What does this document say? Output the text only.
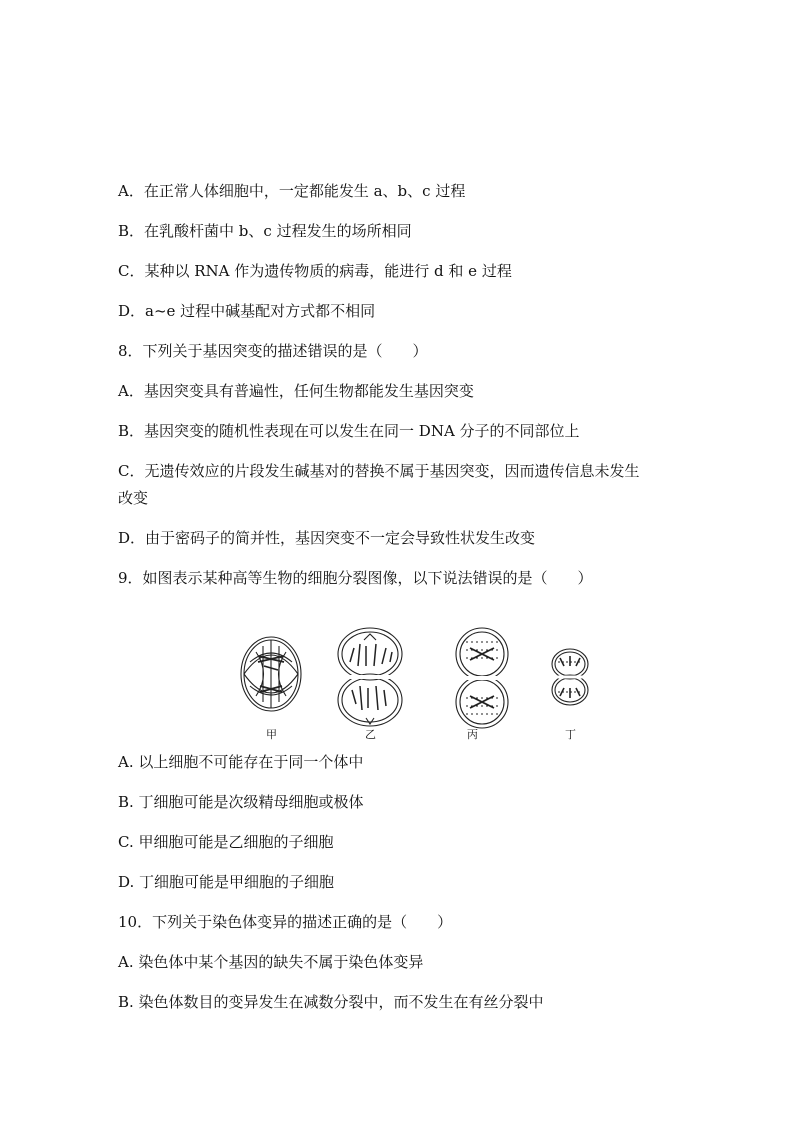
A．在正常人体细胞中，一定都能发生 a、b、c 过程
B．在乳酸杆菌中 b、c 过程发生的场所相同
C．某种以 RNA 作为遗传物质的病毒，能进行 d 和 e 过程
D．a~e 过程中碱基配对方式都不相同
8．下列关于基因突变的描述错误的是（　　）
A．基因突变具有普遍性，任何生物都能发生基因突变
B．基因突变的随机性表现在可以发生在同一 DNA 分子的不同部位上
C．无遗传效应的片段发生碱基对的替换不属于基因突变，因而遗传信息未发生
改变
D．由于密码子的简并性，基因突变不一定会导致性状发生改变
9．如图表示某种高等生物的细胞分裂图像，以下说法错误的是（　　）
甲	乙	丙	丁
A. 以上细胞不可能存在于同一个体中
B. 丁细胞可能是次级精母细胞或极体
C. 甲细胞可能是乙细胞的子细胞
D. 丁细胞可能是甲细胞的子细胞
10．下列关于染色体变异的描述正确的是（　　）
A. 染色体中某个基因的缺失不属于染色体变异
B. 染色体数目的变异发生在减数分裂中，而不发生在有丝分裂中
